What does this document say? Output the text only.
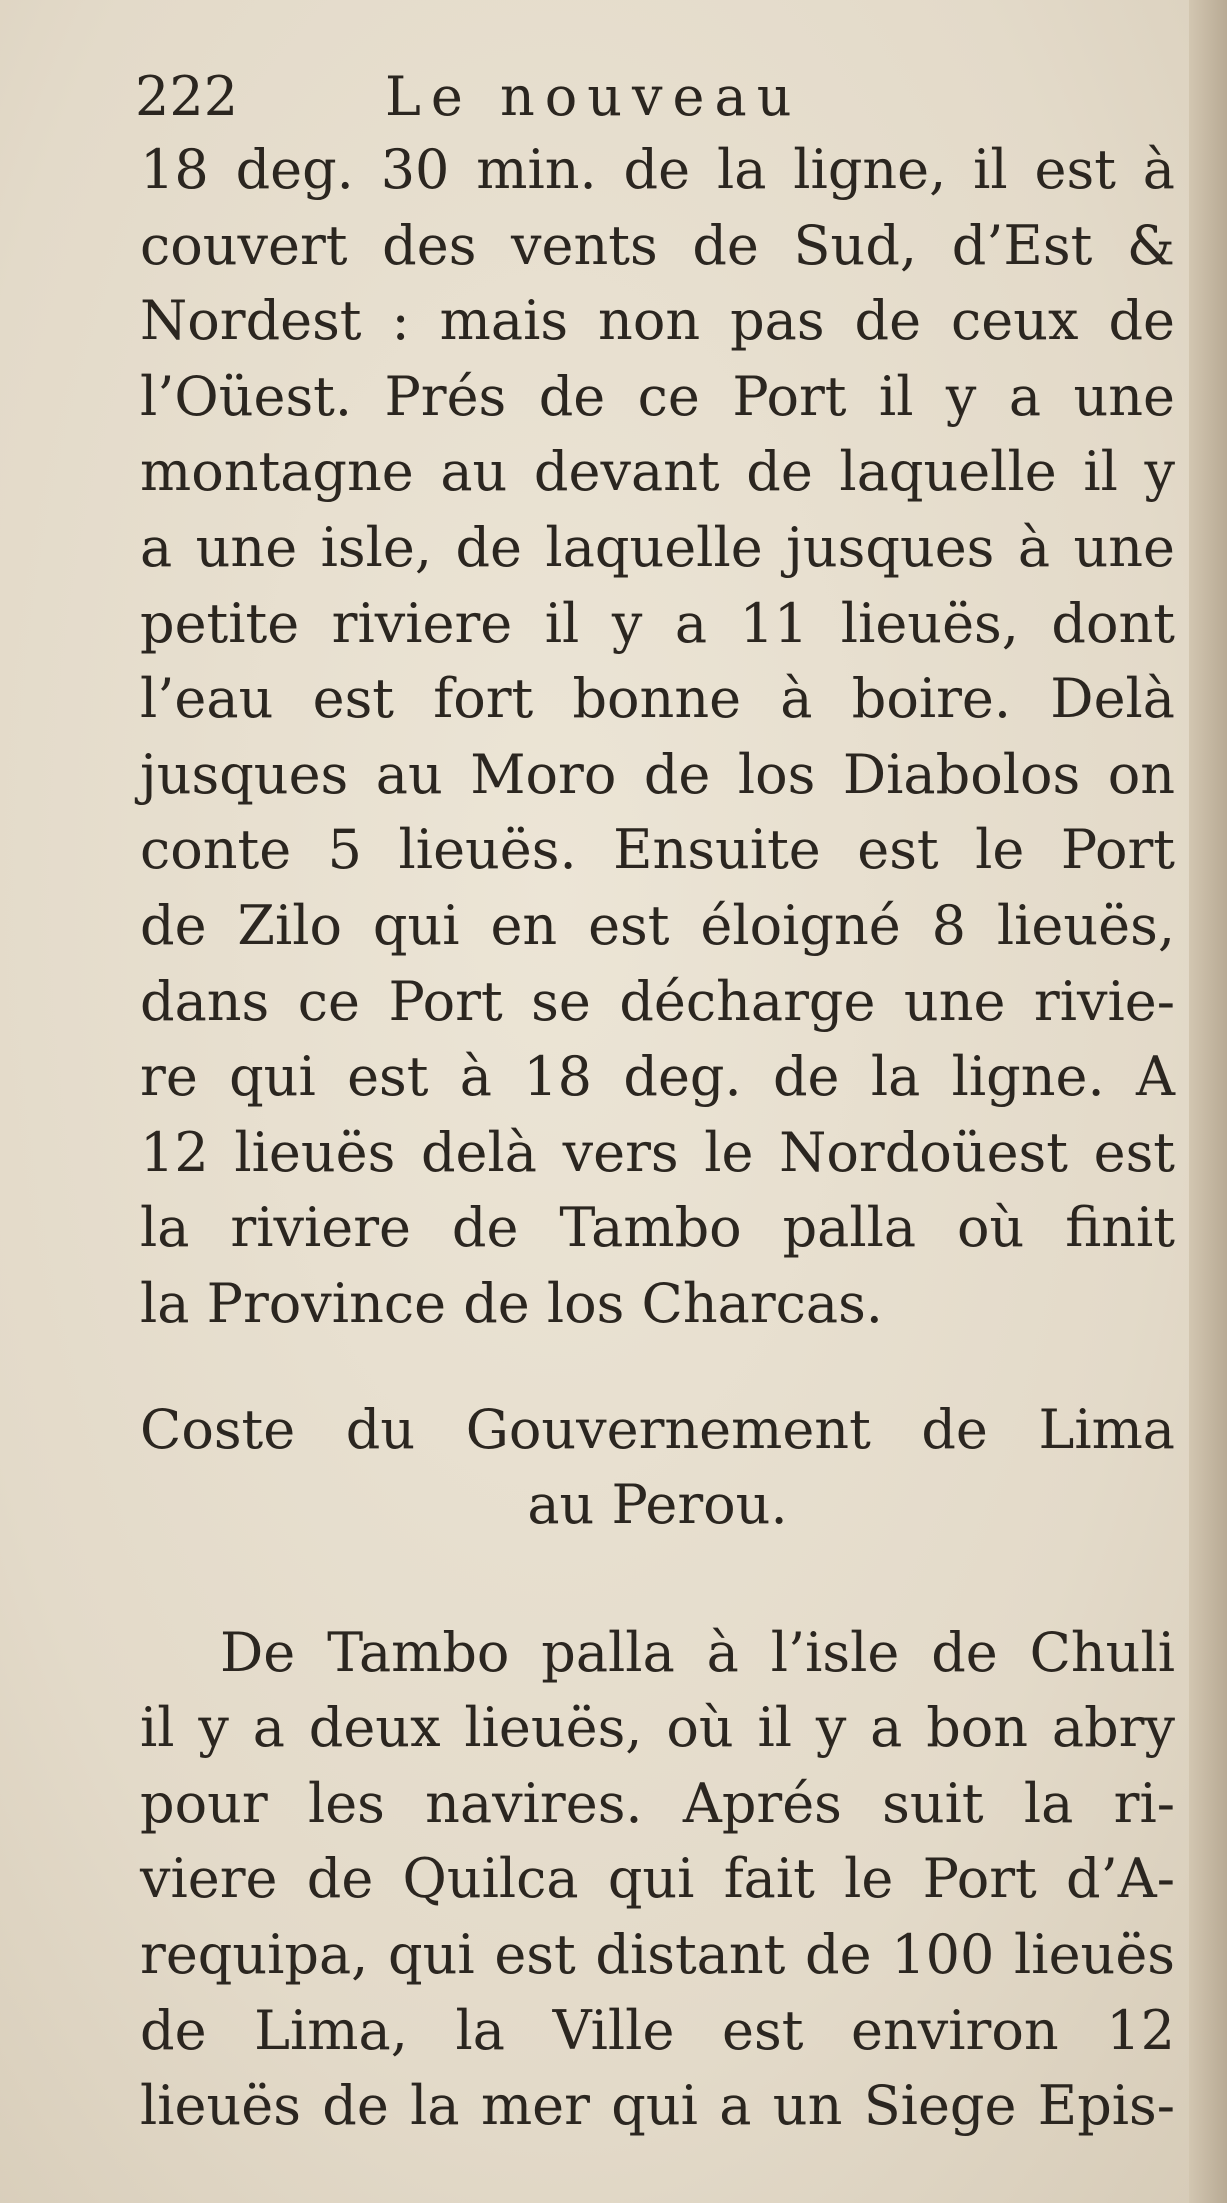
222	Le nouveau
18 deg. 30 min. de la ligne, il est à
couvert des vents de Sud, d’Est &
Nordest : mais non pas de ceux de
l’Oüest. Prés de ce Port il y a une
montagne au devant de laquelle il y
a une isle, de laquelle jusques à une
petite riviere il y a 11 lieuës, dont
l’eau est fort bonne à boire. Delà
jusques au Moro de los Diabolos on
conte 5 lieuës. Ensuite est le Port
de Zilo qui en est éloigné 8 lieuës,
dans ce Port se décharge une rivie-
re qui est à 18 deg. de la ligne. A
12 lieuës delà vers le Nordoüest est
la riviere de Tambo palla où finit
la Province de los Charcas.
Coste du Gouvernement de Lima
au Perou.
De Tambo palla à l’isle de Chuli
il y a deux lieuës, où il y a bon abry
pour les navires. Aprés suit la ri-
viere de Quilca qui fait le Port d’A-
requipa, qui est distant de 100 lieuës
de Lima, la Ville est environ 12
lieuës de la mer qui a un Siege Epis-
